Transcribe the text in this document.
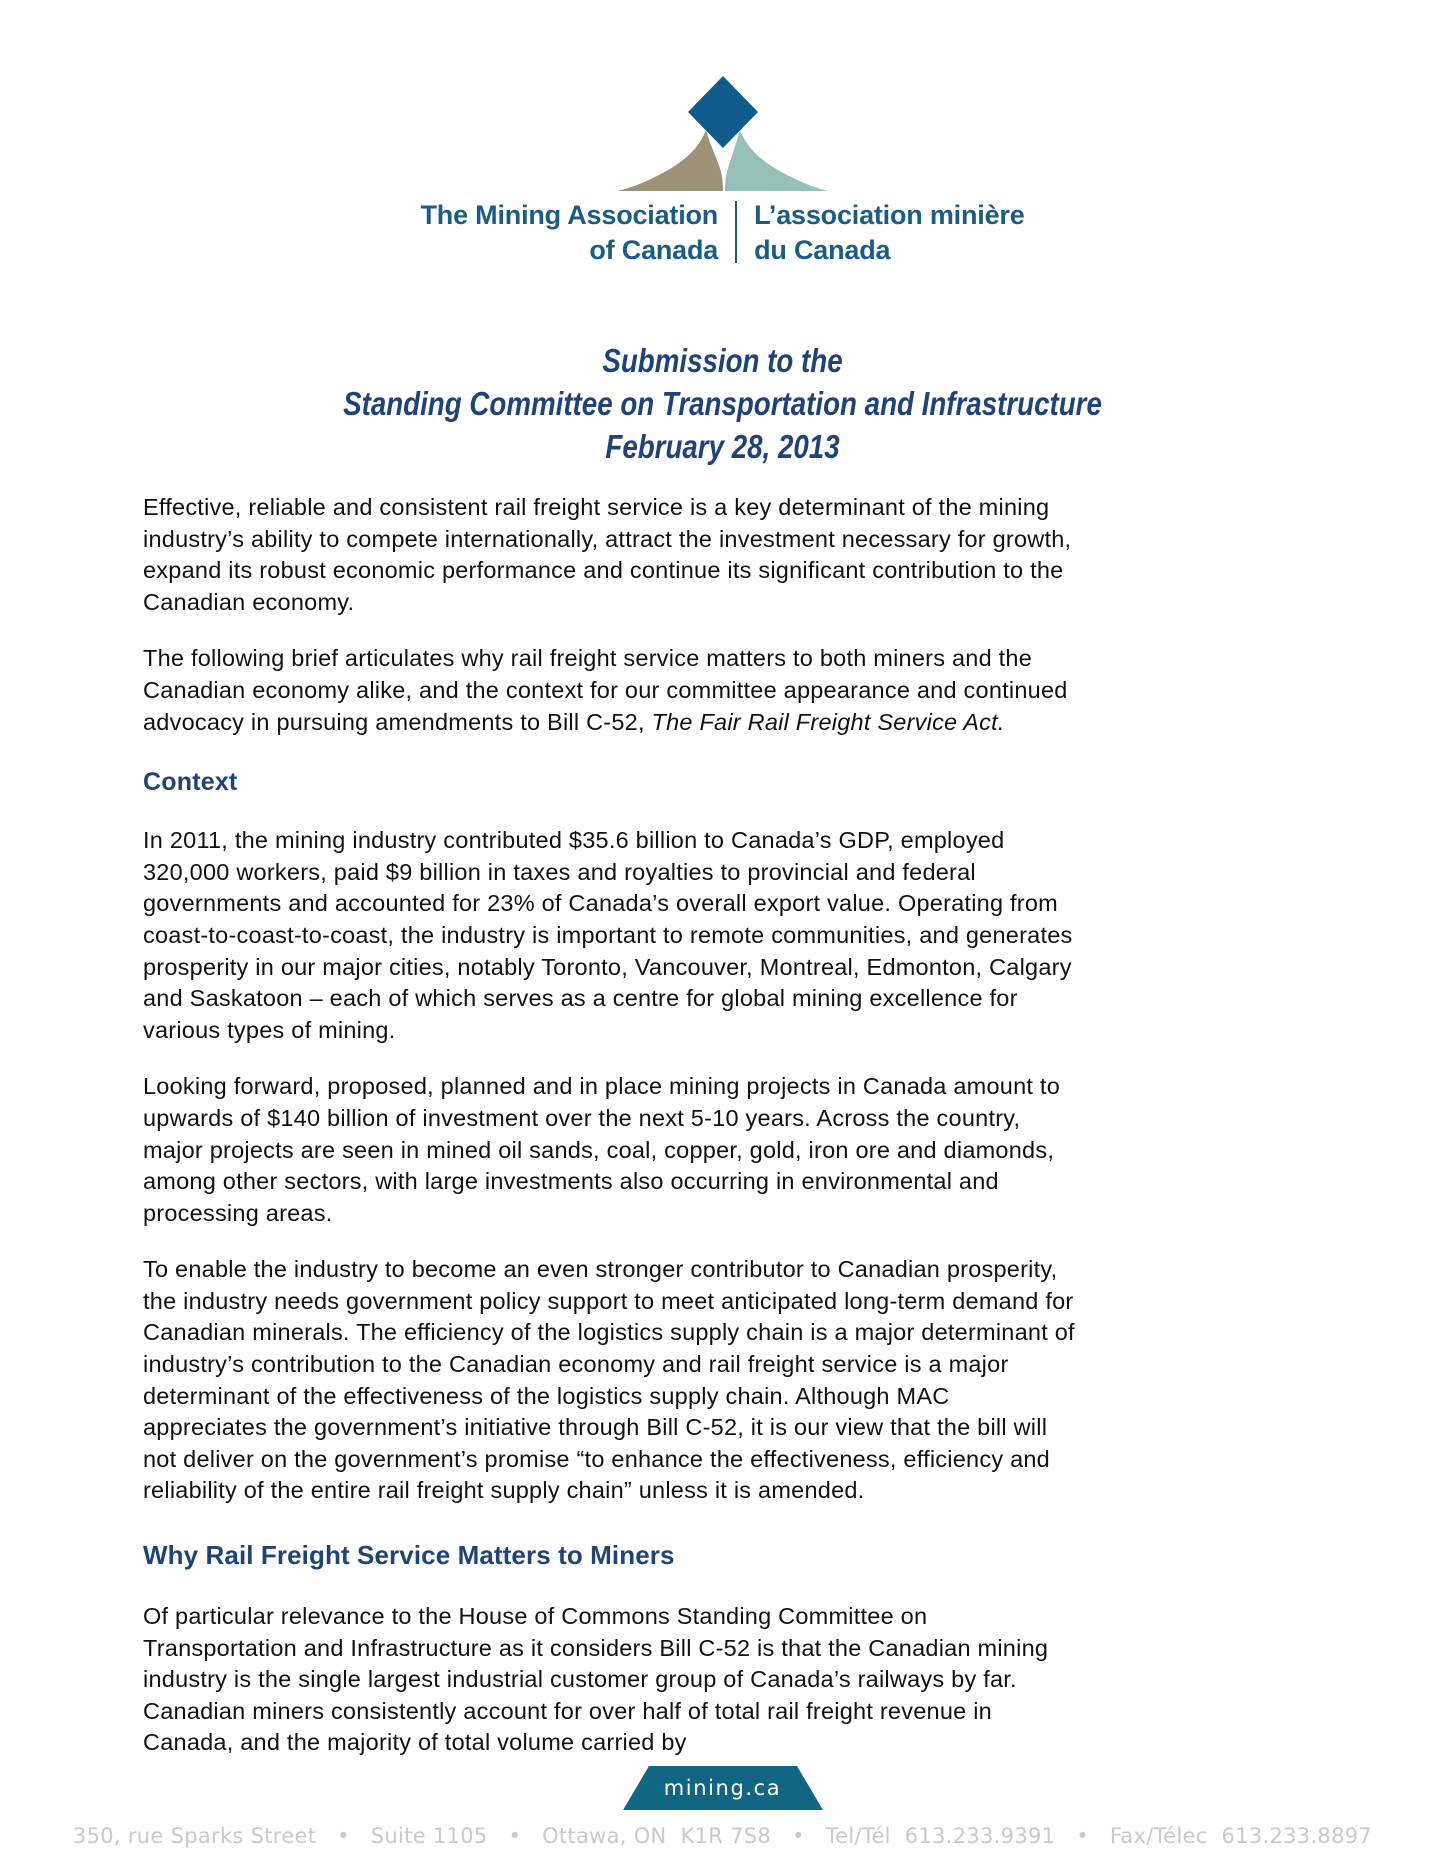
The Mining Association
of Canada
L’association minière
du Canada
Submission to the
Standing Committee on Transportation and Infrastructure
February 28, 2013

Effective, reliable and consistent rail freight service is a key determinant of the mining industry’s ability to compete internationally, attract the investment necessary for growth, expand its robust economic performance and continue its significant contribution to the Canadian economy.

The following brief articulates why rail freight service matters to both miners and the Canadian economy alike, and the context for our committee appearance and continued advocacy in pursuing amendments to Bill C-52, The Fair Rail Freight Service Act.

Context

In 2011, the mining industry contributed $35.6 billion to Canada’s GDP, employed 320,000 workers, paid $9 billion in taxes and royalties to provincial and federal governments and accounted for 23% of Canada’s overall export value. Operating from coast-to-coast-to-coast, the industry is important to remote communities, and generates prosperity in our major cities, notably Toronto, Vancouver, Montreal, Edmonton, Calgary and Saskatoon – each of which serves as a centre for global mining excellence for various types of mining.

Looking forward, proposed, planned and in place mining projects in Canada amount to upwards of $140 billion of investment over the next 5-10 years. Across the country, major projects are seen in mined oil sands, coal, copper, gold, iron ore and diamonds, among other sectors, with large investments also occurring in environmental and processing areas.

To enable the industry to become an even stronger contributor to Canadian prosperity, the industry needs government policy support to meet anticipated long-term demand for Canadian minerals. The efficiency of the logistics supply chain is a major determinant of industry’s contribution to the Canadian economy and rail freight service is a major determinant of the effectiveness of the logistics supply chain. Although MAC appreciates the government’s initiative through Bill C-52, it is our view that the bill will not deliver on the government’s promise “to enhance the effectiveness, efficiency and reliability of the entire rail freight supply chain” unless it is amended.

Why Rail Freight Service Matters to Miners

Of particular relevance to the House of Commons Standing Committee on Transportation and Infrastructure as it considers Bill C-52 is that the Canadian mining industry is the single largest industrial customer group of Canada’s railways by far. Canadian miners consistently account for over half of total rail freight revenue in Canada, and the majority of total volume carried by

mining.ca
350, rue Sparks Street   •   Suite 1105   •   Ottawa, ON  K1R 7S8   •   Tel/Tél  613.233.9391   •   Fax/Télec  613.233.8897
